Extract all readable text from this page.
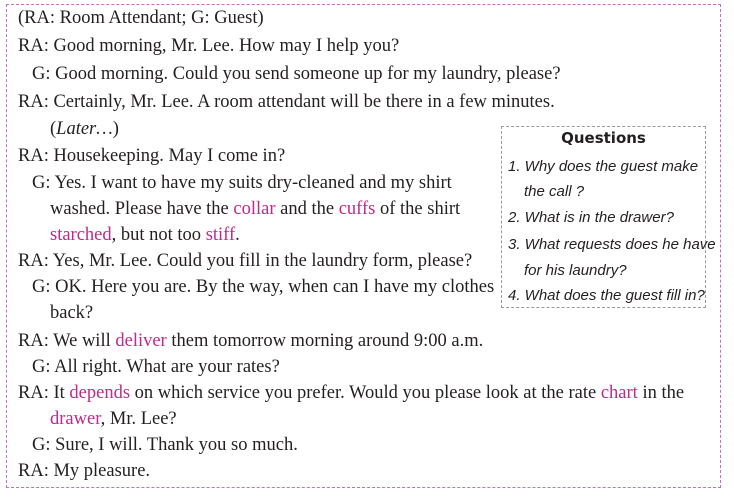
(RA: Room Attendant; G: Guest)
RA: Good morning, Mr. Lee. How may I help you?
G: Good morning. Could you send someone up for my laundry, please?
RA: Certainly, Mr. Lee. A room attendant will be there in a few minutes.
(Later…)
RA: Housekeeping. May I come in?
G: Yes. I want to have my suits dry-cleaned and my shirt
washed. Please have the collar and the cuffs of the shirt
starched, but not too stiff.
RA: Yes, Mr. Lee. Could you fill in the laundry form, please?
G: OK. Here you are. By the way, when can I have my clothes
back?
RA: We will deliver them tomorrow morning around 9:00 a.m.
G: All right. What are your rates?
RA: It depends on which service you prefer. Would you please look at the rate chart in the
drawer, Mr. Lee?
G: Sure, I will. Thank you so much.
RA: My pleasure.
Questions
1. Why does the guest make
the call ?
2. What is in the drawer?
3. What requests does he have
for his laundry?
4. What does the guest fill in?
